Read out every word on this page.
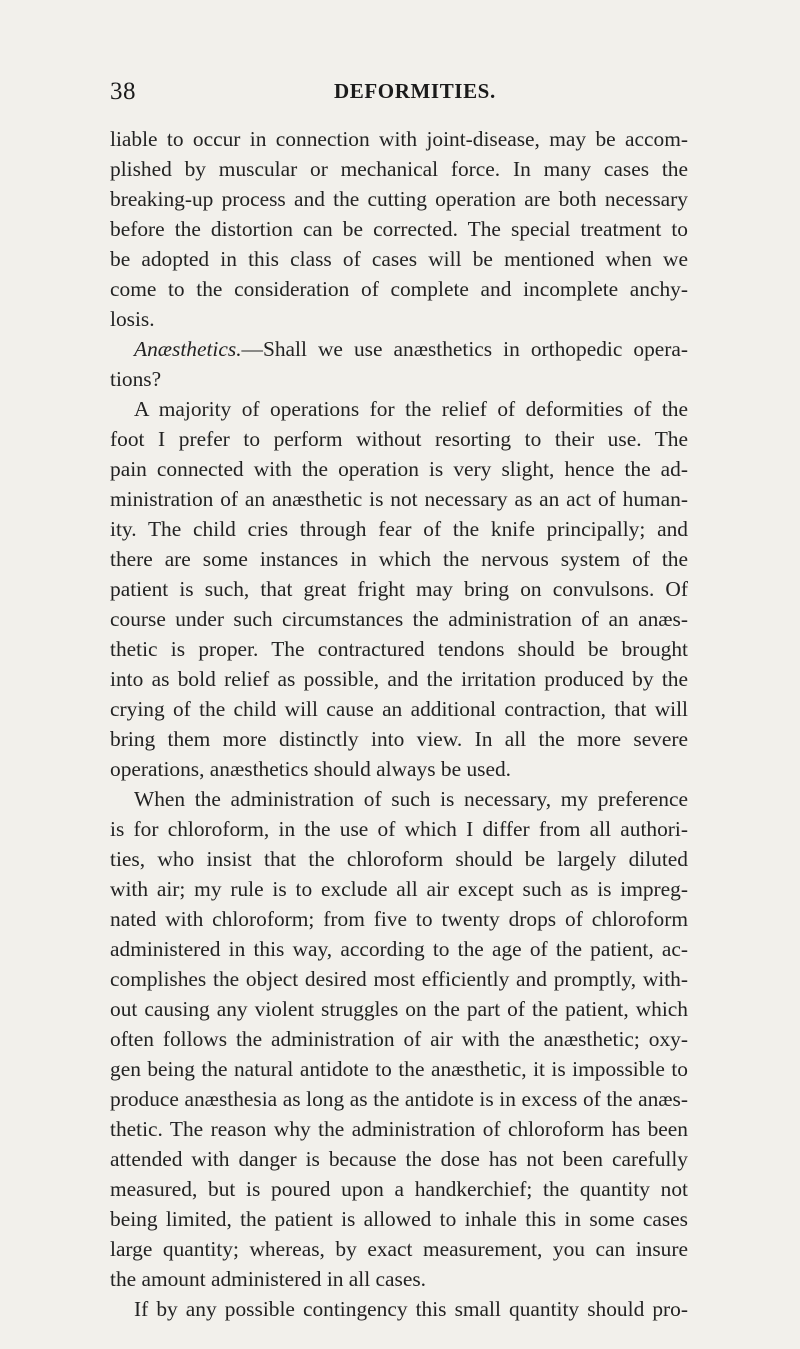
38	DEFORMITIES.

liable to occur in connection with joint-disease, may be accom-
plished by muscular or mechanical force. In many cases the
breaking-up process and the cutting operation are both necessary
before the distortion can be corrected. The special treatment to
be adopted in this class of cases will be mentioned when we
come to the consideration of complete and incomplete anchy-
losis.

Anæsthetics.—Shall we use anæsthetics in orthopedic opera-

tions?

A majority of operations for the relief of deformities of the
foot I prefer to perform without resorting to their use. The
pain connected with the operation is very slight, hence the ad-
ministration of an anæsthetic is not necessary as an act of human-
ity. The child cries through fear of the knife principally; and
there are some instances in which the nervous system of the
patient is such, that great fright may bring on convulsons. Of
course under such circumstances the administration of an anæs-
thetic is proper. The contractured tendons should be brought
into as bold relief as possible, and the irritation produced by the
crying of the child will cause an additional contraction, that will
bring them more distinctly into view. In all the more severe
operations, anæsthetics should always be used.

When the administration of such is necessary, my preference
is for chloroform, in the use of which I differ from all authori-
ties, who insist that the chloroform should be largely diluted
with air; my rule is to exclude all air except such as is impreg-
nated with chloroform; from five to twenty drops of chloroform
administered in this way, according to the age of the patient, ac-
complishes the object desired most efficiently and promptly, with-
out causing any violent struggles on the part of the patient, which
often follows the administration of air with the anæsthetic; oxy-
gen being the natural antidote to the anæsthetic, it is impossible to
produce anæsthesia as long as the antidote is in excess of the anæs-
thetic. The reason why the administration of chloroform has been
attended with danger is because the dose has not been carefully
measured, but is poured upon a handkerchief; the quantity not
being limited, the patient is allowed to inhale this in some cases
large quantity; whereas, by exact measurement, you can insure
the amount administered in all cases.

If by any possible contingency this small quantity should pro-
